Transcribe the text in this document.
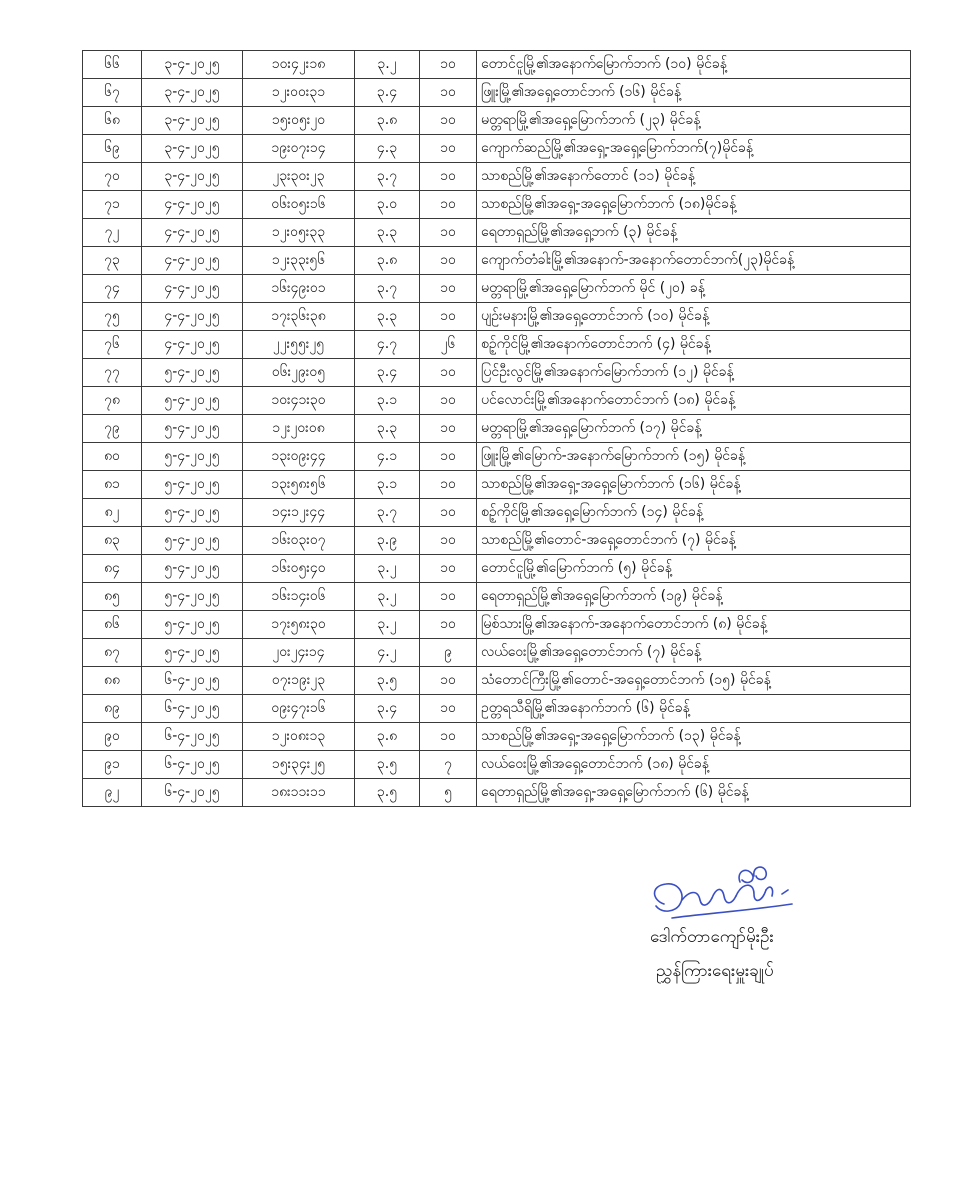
၆၆	၃-၄-၂၀၂၅	၁၀း၄၂း၁၈	၃.၂	၁၀	တောင်ငူမြို့၏အနောက်မြောက်ဘက် (၁၀) မိုင်ခန့်
၆၇	၃-၄-၂၀၂၅	၁၂း၀၀း၃၁	၃.၄	၁၀	ဖြူးမြို့၏အရှေ့တောင်ဘက် (၁၆) မိုင်ခန့်
၆၈	၃-၄-၂၀၂၅	၁၅း၀၅း၂၀	၃.၈	၁၀	မတ္တရာမြို့၏အရှေ့မြောက်ဘက် (၂၃) မိုင်ခန့်
၆၉	၃-၄-၂၀၂၅	၁၉း၀၇း၁၄	၄.၃	၁၀	ကျောက်ဆည်မြို့၏အရှေ့-အရှေ့မြောက်ဘက်(၇)မိုင်ခန့်
၇၀	၃-၄-၂၀၂၅	၂၃း၃၀း၂၃	၃.၇	၁၀	သာစည်မြို့၏အနောက်တောင် (၁၁) မိုင်ခန့်
၇၁	၄-၄-၂၀၂၅	၀၆း၀၅း၁၆	၃.၀	၁၀	သာစည်မြို့၏အရှေ့-အရှေ့မြောက်ဘက် (၁၈)မိုင်ခန့်
၇၂	၄-၄-၂၀၂၅	၁၂း၀၅း၃၃	၃.၃	၁၀	ရေတာရှည်မြို့၏အရှေ့ဘက် (၃) မိုင်ခန့်
၇၃	၄-၄-၂၀၂၅	၁၂း၃၃း၅၆	၃.၈	၁၀	ကျောက်တံခါးမြို့၏အနောက်-အနောက်တောင်ဘက်(၂၃)မိုင်ခန့်
၇၄	၄-၄-၂၀၂၅	၁၆း၄၉း၀၁	၃.၇	၁၀	မတ္တရာမြို့၏အရှေ့မြောက်ဘက် မိုင် (၂၀) ခန့်
၇၅	၄-၄-၂၀၂၅	၁၇း၃၆း၃၈	၃.၃	၁၀	ပျဉ်းမနားမြို့၏အရှေ့တောင်ဘက် (၁၀) မိုင်ခန့်
၇၆	၄-၄-၂၀၂၅	၂၂း၅၅း၂၅	၄.၇	၂၆	စဉ့်ကိုင်မြို့၏အနောက်တောင်ဘက် (၄) မိုင်ခန့်
၇၇	၅-၄-၂၀၂၅	၀၆း၂၉း၀၅	၃.၄	၁၀	ပြင်ဦးလွင်မြို့၏အနောက်မြောက်ဘက် (၁၂) မိုင်ခန့်
၇၈	၅-၄-၂၀၂၅	၁၀း၄၁း၃၀	၃.၁	၁၀	ပင်လောင်းမြို့၏အနောက်တောင်ဘက် (၁၈) မိုင်ခန့်
၇၉	၅-၄-၂၀၂၅	၁၂း၂၀း၀၈	၃.၃	၁၀	မတ္တရာမြို့၏အရှေ့မြောက်ဘက် (၁၇) မိုင်ခန့်
၈၀	၅-၄-၂၀၂၅	၁၃း၀၉း၄၄	၄.၁	၁၀	ဖြူးမြို့၏မြောက်-အနောက်မြောက်ဘက် (၁၅) မိုင်ခန့်
၈၁	၅-၄-၂၀၂၅	၁၃း၅၈း၅၆	၃.၁	၁၀	သာစည်မြို့၏အရှေ့-အရှေ့မြောက်ဘက် (၁၆) မိုင်ခန့်
၈၂	၅-၄-၂၀၂၅	၁၄း၁၂း၄၄	၃.၇	၁၀	စဉ့်ကိုင်မြို့၏အရှေ့မြောက်ဘက် (၁၄) မိုင်ခန့်
၈၃	၅-၄-၂၀၂၅	၁၆း၀၃း၀၇	၃.၉	၁၀	သာစည်မြို့၏တောင်-အရှေ့တောင်ဘက် (၇) မိုင်ခန့်
၈၄	၅-၄-၂၀၂၅	၁၆း၀၅း၄၀	၃.၂	၁၀	တောင်ငူမြို့၏မြောက်ဘက် (၅) မိုင်ခန့်
၈၅	၅-၄-၂၀၂၅	၁၆း၁၄း၀၆	၃.၂	၁၀	ရေတာရှည်မြို့၏အရှေ့မြောက်ဘက် (၁၉) မိုင်ခန့်
၈၆	၅-၄-၂၀၂၅	၁၇း၅၈း၃၀	၃.၂	၁၀	မြစ်သားမြို့၏အနောက်-အနောက်တောင်ဘက် (၈) မိုင်ခန့်
၈၇	၅-၄-၂၀၂၅	၂၀း၂၄း၁၄	၄.၂	၉	လယ်ဝေးမြို့၏အရှေ့တောင်ဘက် (၇) မိုင်ခန့်
၈၈	၆-၄-၂၀၂၅	၀၇း၁၉း၂၃	၃.၅	၁၀	သံတောင်ကြီးမြို့၏တောင်-အရှေ့တောင်ဘက် (၁၅) မိုင်ခန့်
၈၉	၆-၄-၂၀၂၅	၀၉း၄၇း၁၆	၃.၄	၁၀	ဥတ္တရသီရိမြို့၏အနောက်ဘက် (၆) မိုင်ခန့်
၉၀	၆-၄-၂၀၂၅	၁၂း၀၈း၁၃	၃.၈	၁၀	သာစည်မြို့၏အရှေ့-အရှေ့မြောက်ဘက် (၁၃) မိုင်ခန့်
၉၁	၆-၄-၂၀၂၅	၁၅း၃၄း၂၅	၃.၅	၇	လယ်ဝေးမြို့၏အရှေ့တောင်ဘက် (၁၈) မိုင်ခန့်
၉၂	၆-၄-၂၀၂၅	၁၈း၁၁း၁၁	၃.၅	၅	ရေတာရှည်မြို့၏အရှေ့-အရှေ့မြောက်ဘက် (၆) မိုင်ခန့်
ဒေါက်တာကျော်မိုးဦး
ညွှန်ကြားရေးမှူးချုပ်
